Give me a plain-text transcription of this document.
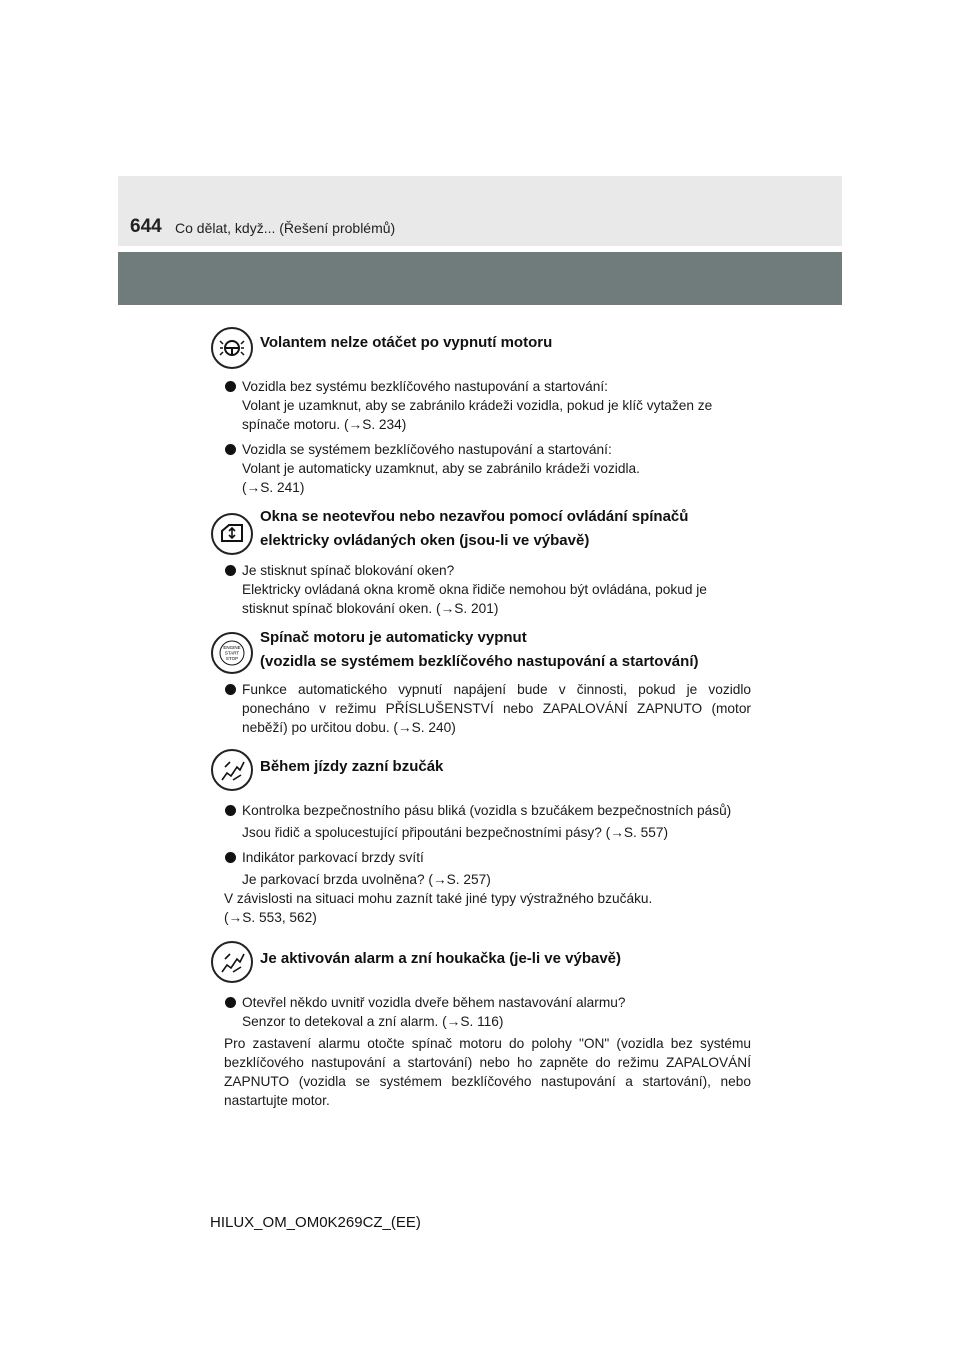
644 Co dělat, když... (Řešení problémů)
Volantem nelze otáčet po vypnutí motoru
Vozidla bez systému bezklíčového nastupování a startování:
Volant je uzamknut, aby se zabránilo krádeži vozidla, pokud je klíč vytažen ze spínače motoru. (→S. 234)
Vozidla se systémem bezklíčového nastupování a startování:
Volant je automaticky uzamknut, aby se zabránilo krádeži vozidla.
(→S. 241)
Okna se neotevřou nebo nezavřou pomocí ovládání spínačů
elektricky ovládaných oken (jsou-li ve výbavě)
Je stisknut spínač blokování oken?
Elektricky ovládaná okna kromě okna řidiče nemohou být ovládána, pokud je stisknut spínač blokování oken. (→S. 201)
ENGINE
START
STOP
Spínač motoru je automaticky vypnut
(vozidla se systémem bezklíčového nastupování a startování)
Funkce automatického vypnutí napájení bude v činnosti, pokud je vozidlo ponecháno v režimu PŘÍSLUŠENSTVÍ nebo ZAPALOVÁNÍ ZAPNUTO (motor neběží) po určitou dobu. (→S. 240)
Během jízdy zazní bzučák

Kontrolka bezpečnostního pásu bliká (vozidla s bzučákem bezpečnostních pásů)

Jsou řidič a spolucestující připoutáni bezpečnostními pásy? (→S. 557)

Indikátor parkovací brzdy svítí

Je parkovací brzda uvolněna? (→S. 257)

V závislosti na situaci mohu zaznít také jiné typy výstražného bzučáku.
(→S. 553, 562)
Je aktivován alarm a zní houkačka (je-li ve výbavě)
Otevřel někdo uvnitř vozidla dveře během nastavování alarmu?
Senzor to detekoval a zní alarm. (→S. 116)
Pro zastavení alarmu otočte spínač motoru do polohy "ON" (vozidla bez systému bezklíčového nastupování a startování) nebo ho zapněte do režimu ZAPALOVÁNÍ ZAPNUTO (vozidla se systémem bezklíčového nastupování a startování), nebo nastartujte motor.
HILUX_OM_OM0K269CZ_(EE)
